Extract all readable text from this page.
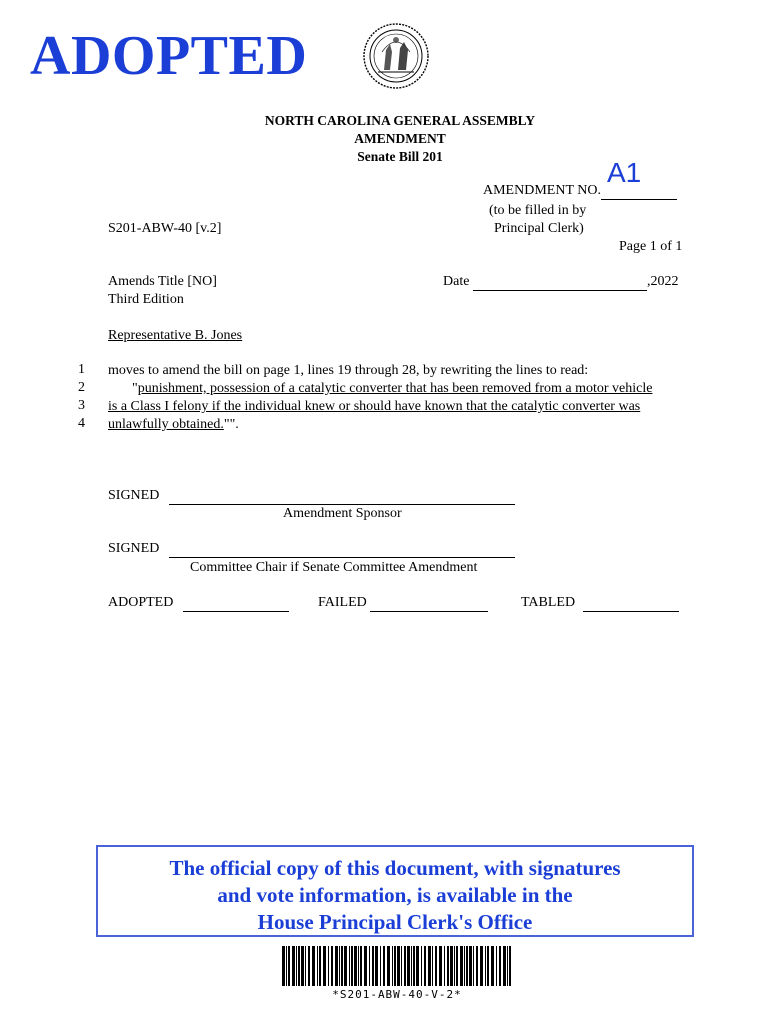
ADOPTED
NORTH CAROLINA GENERAL ASSEMBLY
AMENDMENT
Senate Bill 201
AMENDMENT NO.
A1

(to be filled in by
Principal Clerk)
S201-ABW-40 [v.2]
Page 1 of 1
Amends Title [NO]
Third Edition
Date	,2022
Representative B. Jones
1
2
3
4
moves to amend the bill on page 1, lines 19 through 28, by rewriting the lines to read:
"punishment, possession of a catalytic converter that has been removed from a motor vehicle
is a Class I felony if the individual knew or should have known that the catalytic converter was
unlawfully obtained."".
SIGNED
Amendment Sponsor
SIGNED
Committee Chair if Senate Committee Amendment
ADOPTED	FAILED	TABLED
The official copy of this document, with signatures
and vote information, is available in the
House Principal Clerk's Office
*S201-ABW-40-V-2*
